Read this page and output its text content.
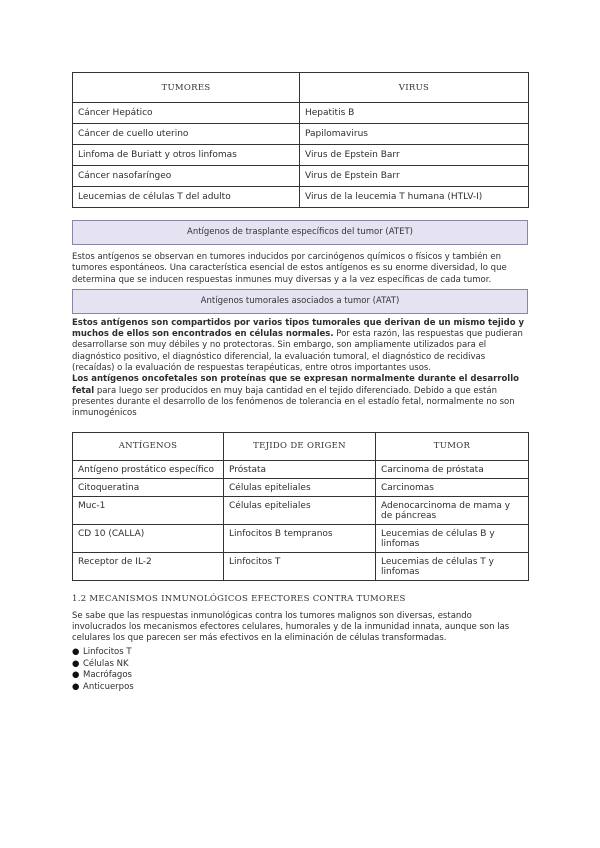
TUMORES	VIRUS
Cáncer Hepático	Hepatitis B
Cáncer de cuello uterino	Papilomavirus
Linfoma de Buriatt y otros linfomas	Virus de Epstein Barr
Cáncer nasofaríngeo	Virus de Epstein Barr
Leucemias de células T del adulto	Virus de la leucemia T humana (HTLV-I)
Antígenos de trasplante específicos del tumor (ATET)

Estos antígenos se observan en tumores inducidos por carcinógenos químicos o físicos y también en tumores espontáneos. Una característica esencial de estos antígenos es su enorme diversidad, lo que determina que se inducen respuestas inmunes muy diversas y a la vez específicas de cada tumor.

Antígenos tumorales asociados a tumor (ATAT)

Estos antígenos son compartidos por varios tipos tumorales que derivan de un mismo tejido y muchos de ellos son encontrados en células normales. Por esta razón, las respuestas que pudieran desarrollarse son muy débiles y no protectoras. Sin embargo, son ampliamente utilizados para el diagnóstico positivo, el diagnóstico diferencial, la evaluación tumoral, el diagnóstico de recidivas (recaídas) o la evaluación de respuestas terapéuticas, entre otros importantes usos.

Los antígenos oncofetales son proteínas que se expresan normalmente durante el desarrollo fetal para luego ser producidos en muy baja cantidad en el tejido diferenciado. Debido a que están presentes durante el desarrollo de los fenómenos de tolerancia en el estadío fetal, normalmente no son inmunogénicos

ANTÍGENOS	TEJIDO DE ORIGEN	TUMOR
Antígeno prostático específico	Próstata	Carcinoma de próstata
Citoqueratina	Células epiteliales	Carcinomas
Muc-1	Células epiteliales	Adenocarcinoma de mama y de páncreas
CD 10 (CALLA)	Linfocitos B tempranos	Leucemias de células B y linfomas
Receptor de IL-2	Linfocitos T	Leucemias de células T y linfomas
1.2 MECANISMOS INMUNOLÓGICOS EFECTORES CONTRA TUMORES

Se sabe que las respuestas inmunológicas contra los tumores malignos son diversas, estando involucrados los mecanismos efectores celulares, humorales y de la inmunidad innata, aunque son las celulares los que parecen ser más efectivos en la eliminación de células transformadas.

● Linfocitos T
● Células NK
● Macrófagos
● Anticuerpos
